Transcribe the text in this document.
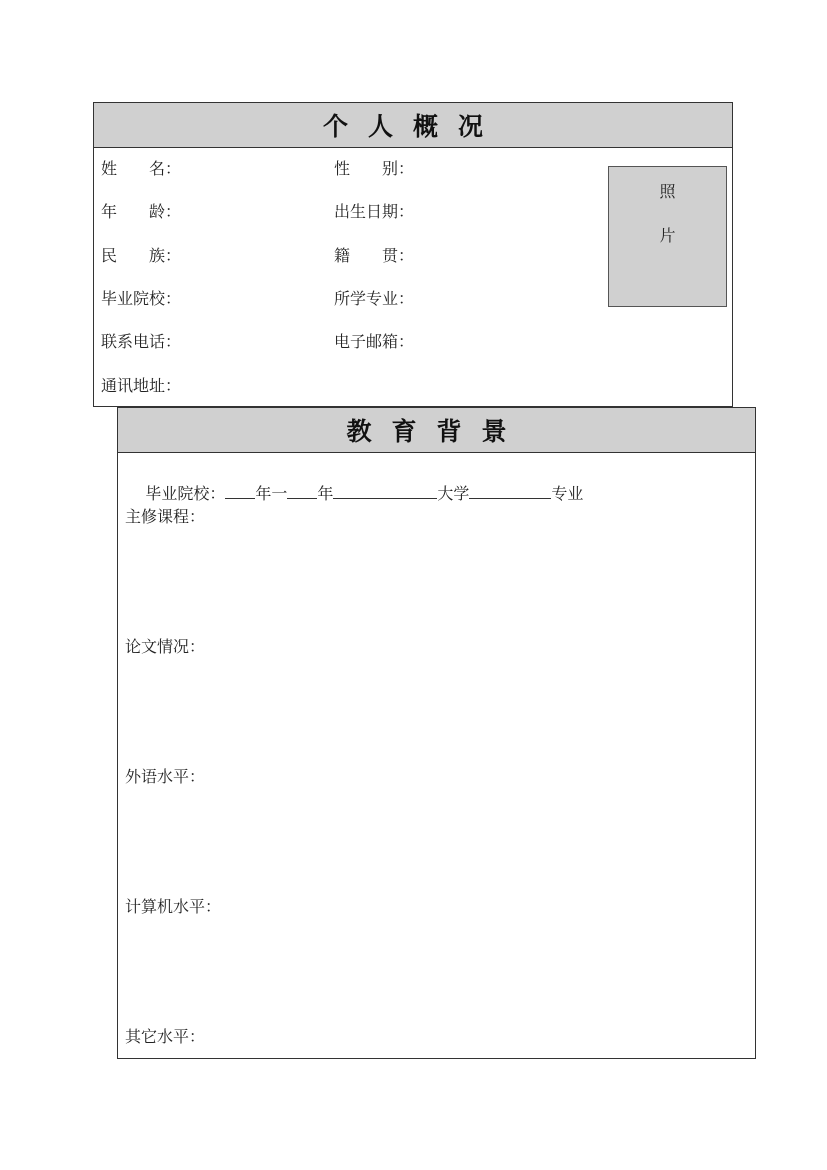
个人概况
姓　　名：	性　　别：
年　　龄：	出生日期：
民　　族：	籍　　贯：
毕业院校：	所学专业：
联系电话：	电子邮箱：
通讯地址：
照
片
教育背景

毕业院校： 年一 年	大学	专业

主修课程：
论文情况：
外语水平：
计算机水平：
其它水平：
